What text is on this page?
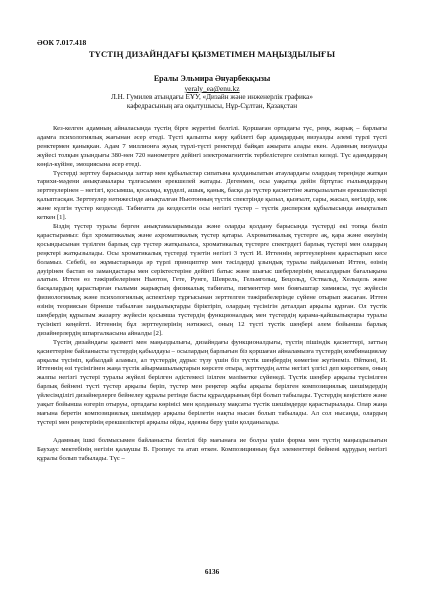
ӘОК 7.017.418

ТҮСТІҢ ДИЗАЙНДАҒЫ ҚЫЗМЕТІМЕН МАҢЫЗДЫЛЫҒЫ

Ералы Эльмира Әнуарбекқызы

yeraly_ea@enu.kz

Л.Н. Гумилев атындағы ЕҰУ, «Дизайн және инженерлік графика»

кафедрасының аға оқытушысы, Нұр-Сұлтан, Қазақстан

Кез-келген адамның айналасында түстің бірге жүретіні белгілі. Қоршаған ортадағы түс, реңк, жарық – барлығы адамға психологиялық жағынан әсер етеді. Түсті қалыпты көру қабілеті бар адамдардың визуалды әлемі түрлі түсті ренктермен қанықкан. Адам 7 миллионға жуық түрлі-түсті ренктерді байқап ажырата алады екен. Адамның визуалды жүйесі толқын ұзындығы 380-нен 720 нанометрге дейінгі электромагниттік тербелістерге сезімтал келеді. Түс адамдардың көңіл-күйіне, эмоциясына әсер етеді.

Түстерді зерттеу барысында заттар мен құбылыстар сипатына қолданылатын атаулардағы олардың тереңінде жатқан тарихи-мәдени анықтамалары тұлғасымен ерекшелей жатады. Дегенмен, осы уақытқа дейін біртұтас ғылымдардың зерттеулерінен – негізгі, қосымша, қосалқы, күрделі, ашық, қанық, басқа да түстер қасиеттіне жатқызылатын ерекшеліктері қалыптасқан. Зерттеулер нәтижесінде анықталған Ньютонның түстік спектрінде қызыл, қызғылт, сары, жасыл, көгілдір, көк және күлгін түстер кездеседі. Табиғатта да кездесетін осы негізгі түстер – түстік дисперсия құбылысында анықталып кеткен [1].

Біздің түстер туралы берген анықтамаларымызда және оларды қолдану барысында түстерді екі топқа бөліп қарастырамыз: бұл хроматикалық және ахроматикалық түстер қатары. Ахроматикалық түстерге ақ, қара және екеуінің қосындысынан түзілген барлық сұр түстер жатқызылса, хроматикалық түстерге спектрдегі барлық түстері мен олардың реңктері жатқызылады. Осы хроматикалық түстерді түзетін негізгі 3 түсті И. Иттеннің зерттеулерінен қарастырып кесе боламыз. Себебі, өз жұмыстарында әр түрлі принциптер мен тәсілдерді ұзындық туралы пайдаланып Иттен, өзінің дәуірінен бастап өз замандастары мен серіктестеріне дейінгі батыс және шығыс шеберлерінің мысалдарын бағалықына алатын. Иттен өз тәжірибелерінен Ньютон, Гете, Рунге, Шеврель, Гельмгольц, Бецольд, Оствальд, Хельцель және басқалардың қарастырған ғылыми жарықтың физикалық табиғаты, пигменттер мен бояғыштар химиясы, түс жүйесін физиологиялық және психологиялық аспектілер тұрғысынан зерттелген тәжірибелерінде сүйене отырып жасаған. Иттен өзінің теориясын бірнеше табылған заңдылықтарды біріктіріп, олардың түсінігін деталдап арқылы құрған. Ол түстік шеңбердің құрылым жазарту жүйесін қосымша түстердің функционалдық мен түстердің қарама-қайшылықтары туралы түсінікті кеңейтті. Иттеннің бұл зерттеулерінің нәтижесі, оның 12 түсті түстік шеңбері әлем бойынша барлық дизайнерлердің шпаргалкасына айналды [2].

Түстің дизайндағы қызметі мен маңыздылығы, дизайндағы функционалдығы, түстің пішіндік қасиеттері, заттың қасиеттеріне байланысты түстердің қабылдауы – осылардың барлығын біз қоршаған айналамызға түстердің комбинациялау арқылы түсініп, қабылдай аламыз, ал түстердің дұрыс түзу үшін біз түстік шеңбердің көмегіне жүгінеміз. Өйткені, И. Иттеннің өзі түсінігінен жаңа түстік айырмашылықтарын көрсете отыра, зерттеудің алты негізгі үлгісі деп көрсеткен, оның жалпы негізгі түстері туралы жүйелі берілген әдістемесі ізілген мәліметке сүйенеді. Түстік шеңбер арқылы түсінілген барлық бейнені түсті түстер арқылы беріп, түстер мен реңктер жұбы арқылы берілген композициялық шешімдердің үйлесімділігі дизайнерлерге бейнелеу құралы ретінде басты құралдарының бірі болып табылады. Түстердің кеңістікте және уақыт бойынша өзгеріп отыруы, ортадағы көрінісі мен қолданылу мақсаты түстік шешімдерде қарастырылады. Олар жаңа мағына беретін композициялық шешімдер арқылы берілетін нақты нысан болып табылады. Ал сол нысанда, олардың түстері мен реңктерінің ерекшеліктері арқылы ойды, идеяны беру үшін қолданылады.

Адамның ішкі болмысымен байланысты белгілі бір мағынаға ие болуы үшін форма мен түстің маңыздылығын Баухаус мектебінің негізін қалаушы В. Гропиус та атап өткен. Композицияның бұл элементтері бейнені құрудың негізгі құралы болып табылады. Түс –

6136
